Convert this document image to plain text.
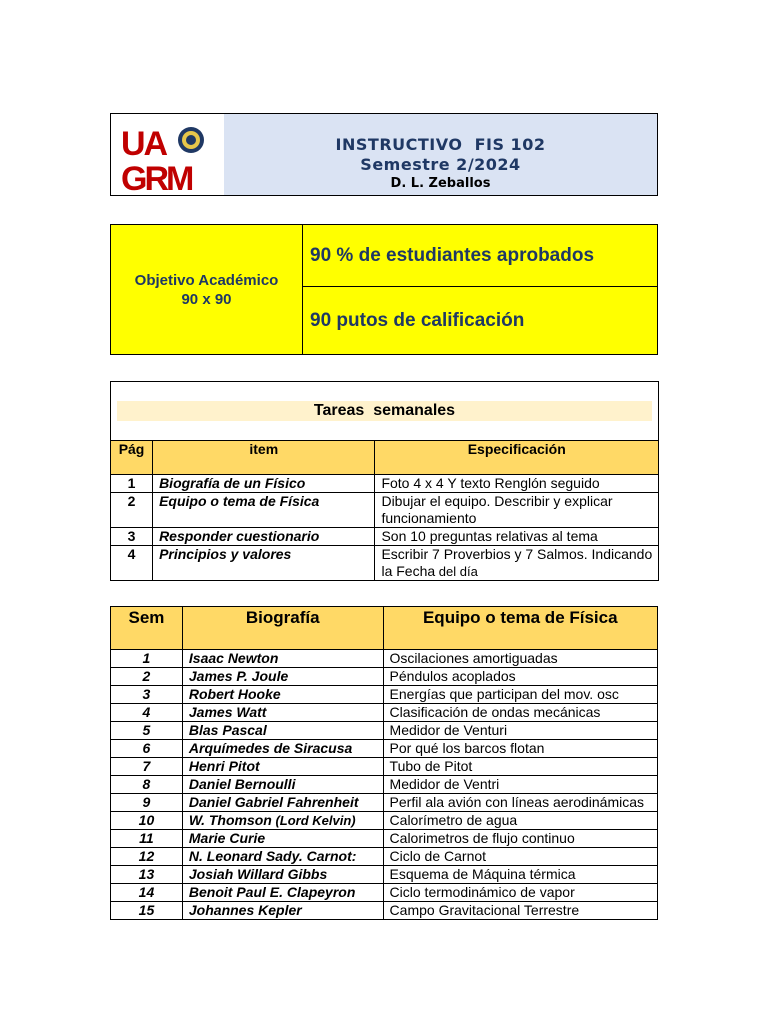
UA
GRM
INSTRUCTIVO  FIS 102
Semestre 2/2024
D. L. Zeballos
Objetivo Académico
90 x 90
	90 % de estudiantes aprobados
90 putos de calificación
Tareas  semanales		

Pág	item	Especificación
1	Biografía de un Físico	Foto 4 x 4 Y texto Renglón seguido
2	Equipo o tema de Física	Dibujar el equipo. Describir y explicar funcionamiento
3	Responder cuestionario	Son 10 preguntas relativas al tema
4	Principios y valores	Escribir 7 Proverbios y 7 Salmos. Indicando la Fecha del día
Sem	Biografía	Equipo o tema de Física
1	Isaac Newton	Oscilaciones amortiguadas
2	James P. Joule	Péndulos acoplados
3	Robert Hooke	Energías que participan del mov. osc
4	James Watt	Clasificación de ondas mecánicas
5	Blas Pascal	Medidor de Venturi
6	Arquímedes de Siracusa	Por qué los barcos flotan
7	Henri Pitot	Tubo de Pitot
8	Daniel Bernoulli	Medidor de Ventri
9	Daniel Gabriel Fahrenheit	Perfil ala avión con líneas aerodinámicas
10	W. Thomson (Lord Kelvin)	Calorímetro de agua
11	Marie Curie	Calorimetros de flujo continuo
12	N. Leonard Sady. Carnot:	Ciclo de Carnot
13	Josiah Willard Gibbs	Esquema de Máquina térmica
14	Benoit Paul E. Clapeyron	Ciclo termodinámico de vapor
15	Johannes Kepler	Campo Gravitacional Terrestre
